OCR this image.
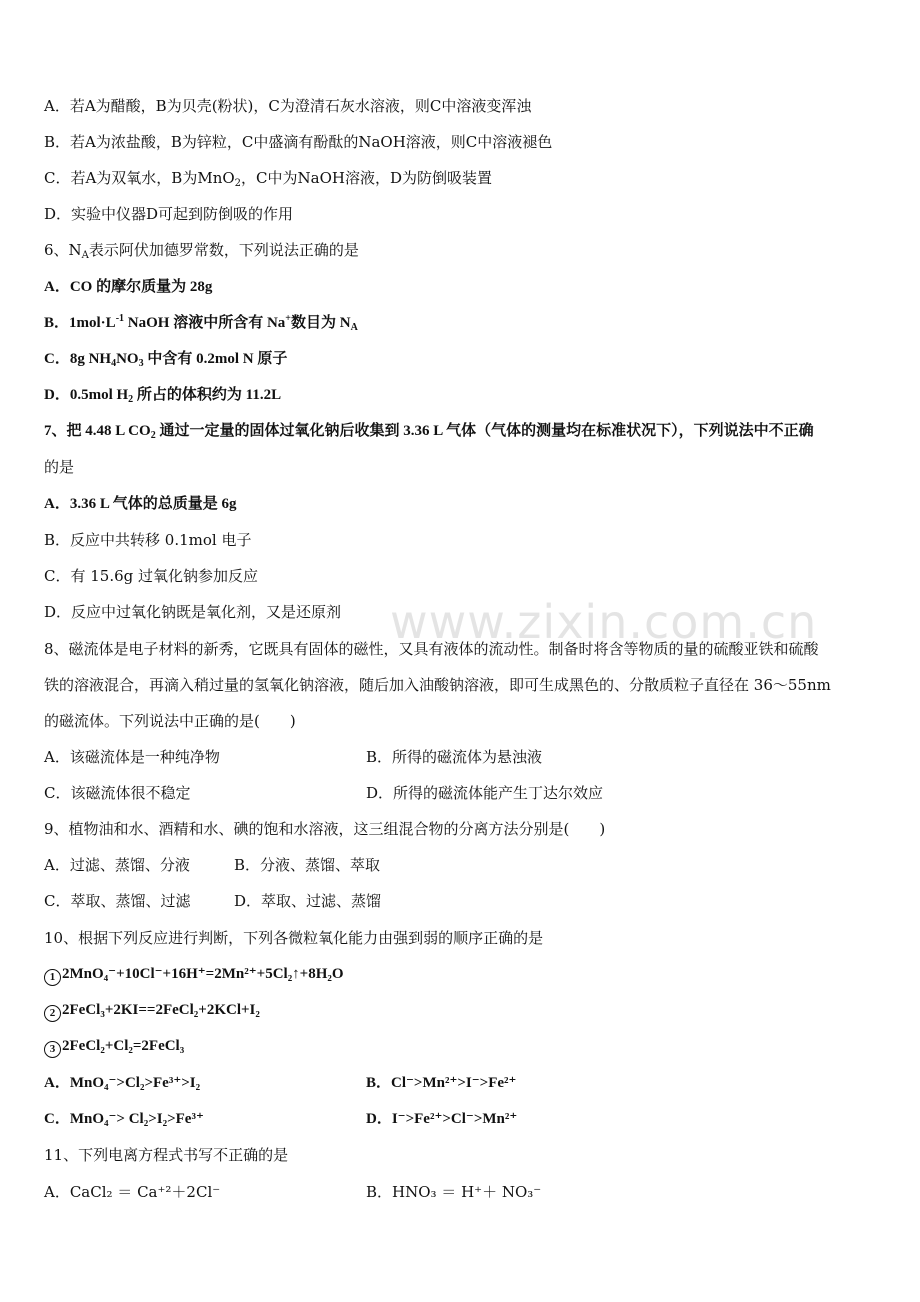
www.zixin.com.cn
A．若A为醋酸，B为贝壳(粉状)，C为澄清石灰水溶液，则C中溶液变浑浊
B．若A为浓盐酸，B为锌粒，C中盛滴有酚酞的NaOH溶液，则C中溶液褪色
C．若A为双氧水，B为MnO$_2$，C中为NaOH溶液，D为防倒吸装置
D．实验中仪器D可起到防倒吸的作用
6、$N_A$表示阿伏加德罗常数，下列说法正确的是
A．CO 的摩尔质量为 28g
B．$1mol\cdot L^{-1}$ NaOH 溶液中所含有 Na+数目为 $N_A$
C．8g $NH_4NO_3$ 中含有 0.2mol N 原子
D．0.5mol $H_2$ 所占的体积约为 11.2L
7、把 4.48 L $CO_2$ 通过一定量的固体过氧化钠后收集到 3.36 L 气体（气体的测量均在标准状况下），下列说法中不正确
的是
A．3.36 L 气体的总质量是 6g
B．反应中共转移 0.1mol 电子
C．有 15.6g 过氧化钠参加反应
D．反应中过氧化钠既是氧化剂，又是还原剂
8、磁流体是电子材料的新秀，它既具有固体的磁性，又具有液体的流动性。制备时将含等物质的量的硫酸亚铁和硫酸
铁的溶液混合，再滴入稍过量的氢氧化钠溶液，随后加入油酸钠溶液，即可生成黑色的、分散质粒子直径在 36～55nm
的磁流体。下列说法中正确的是(　　)
A．该磁流体是一种纯净物	B．所得的磁流体为悬浊液
C．该磁流体很不稳定	D．所得的磁流体能产生丁达尔效应
9、植物油和水、酒精和水、碘的饱和水溶液，这三组混合物的分离方法分别是(　　)
A．过滤、蒸馏、分液	B．分液、蒸馏、萃取
C．萃取、蒸馏、过滤	D．萃取、过滤、蒸馏
10、根据下列反应进行判断，下列各微粒氧化能力由强到弱的顺序正确的是
1 2MnO₄⁻+10Cl⁻+16H⁺=2Mn²⁺+5Cl₂↑+8H₂O
2 2FeCl₃+2KI==2FeCl₂+2KCl+I₂
3 2FeCl₂+Cl₂=2FeCl₃
A．MnO₄⁻>Cl₂>Fe³⁺>I₂	B．Cl⁻>Mn²⁺>I⁻>Fe²⁺
C．MnO₄⁻> Cl₂>I₂>Fe³⁺	D．I⁻>Fe²⁺>Cl⁻>Mn²⁺
11、下列电离方程式书写不正确的是
A．CaCl₂ ＝ Ca⁺²＋2Cl⁻	B．HNO₃ ＝ H⁺＋ NO₃⁻
